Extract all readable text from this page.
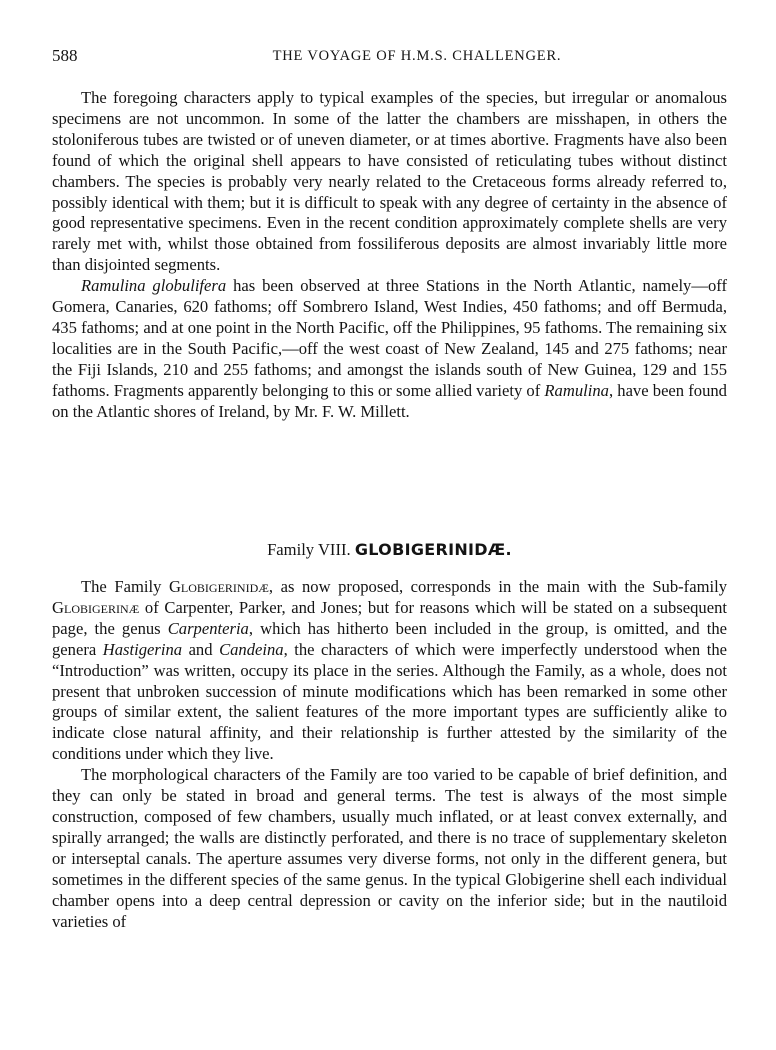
588	THE VOYAGE OF H.M.S. CHALLENGER.

The foregoing characters apply to typical examples of the species, but irregular or anomalous specimens are not uncommon. In some of the latter the chambers are misshapen, in others the stoloniferous tubes are twisted or of uneven diameter, or at times abortive. Fragments have also been found of which the original shell appears to have consisted of reticulating tubes without distinct chambers. The species is probably very nearly related to the Cretaceous forms already referred to, possibly identical with them; but it is difficult to speak with any degree of certainty in the absence of good representative specimens. Even in the recent condition approximately complete shells are very rarely met with, whilst those obtained from fossiliferous deposits are almost invariably little more than disjointed segments.

Ramulina globulifera has been observed at three Stations in the North Atlantic, namely—off Gomera, Canaries, 620 fathoms; off Sombrero Island, West Indies, 450 fathoms; and off Bermuda, 435 fathoms; and at one point in the North Pacific, off the Philippines, 95 fathoms. The remaining six localities are in the South Pacific,—off the west coast of New Zealand, 145 and 275 fathoms; near the Fiji Islands, 210 and 255 fathoms; and amongst the islands south of New Guinea, 129 and 155 fathoms. Fragments apparently belonging to this or some allied variety of Ramulina, have been found on the Atlantic shores of Ireland, by Mr. F. W. Millett.

Family VIII. GLOBIGERINIDÆ.

The Family Globigerinidæ, as now proposed, corresponds in the main with the Sub-family Globigerinæ of Carpenter, Parker, and Jones; but for reasons which will be stated on a subsequent page, the genus Carpenteria, which has hitherto been included in the group, is omitted, and the genera Hastigerina and Candeina, the characters of which were imperfectly understood when the “Introduction” was written, occupy its place in the series. Although the Family, as a whole, does not present that unbroken succession of minute modifications which has been remarked in some other groups of similar extent, the salient features of the more important types are sufficiently alike to indicate close natural affinity, and their relationship is further attested by the similarity of the conditions under which they live.

The morphological characters of the Family are too varied to be capable of brief definition, and they can only be stated in broad and general terms. The test is always of the most simple construction, composed of few chambers, usually much inflated, or at least convex externally, and spirally arranged; the walls are distinctly perforated, and there is no trace of supplementary skeleton or interseptal canals. The aperture assumes very diverse forms, not only in the different genera, but sometimes in the different species of the same genus. In the typical Globigerine shell each individual chamber opens into a deep central depression or cavity on the inferior side; but in the nautiloid varieties of
